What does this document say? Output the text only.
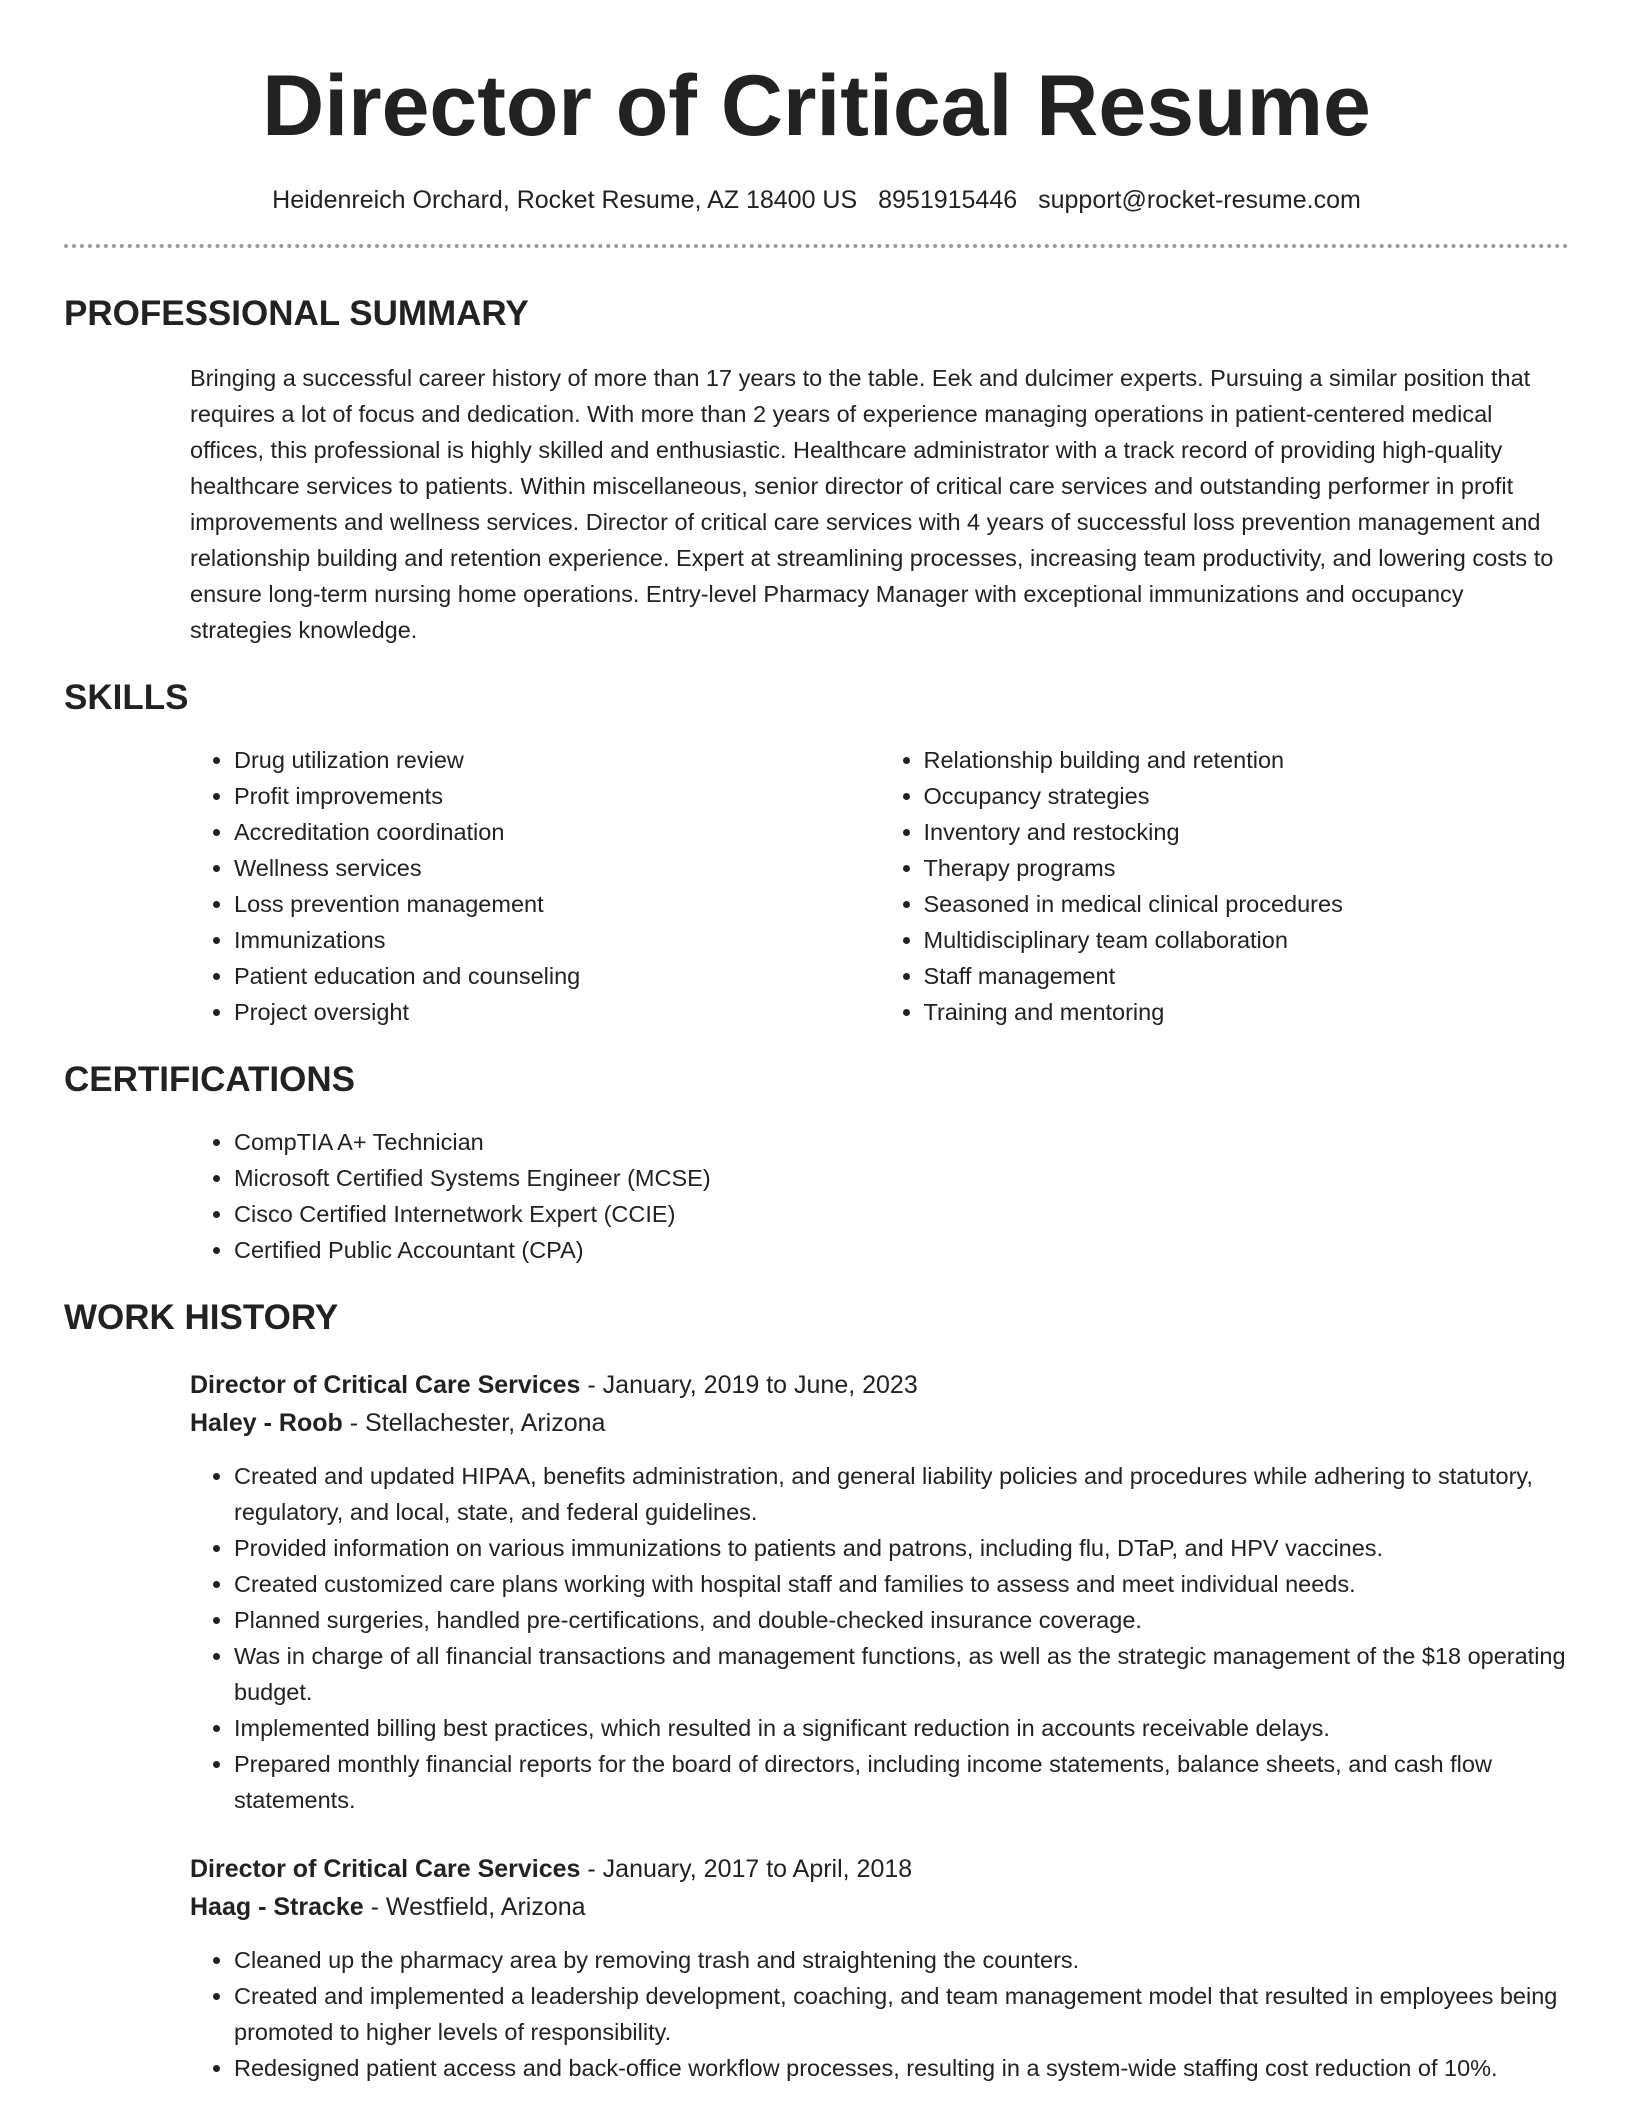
Director of Critical Resume
Heidenreich Orchard, Rocket Resume, AZ 18400 US 8951915446 support@rocket-resume.com
PROFESSIONAL SUMMARY
Bringing a successful career history of more than 17 years to the table. Eek and dulcimer experts. Pursuing a similar position that requires a lot of focus and dedication. With more than 2 years of experience managing operations in patient-centered medical offices, this professional is highly skilled and enthusiastic. Healthcare administrator with a track record of providing high-quality healthcare services to patients. Within miscellaneous, senior director of critical care services and outstanding performer in profit improvements and wellness services. Director of critical care services with 4 years of successful loss prevention management and relationship building and retention experience. Expert at streamlining processes, increasing team productivity, and lowering costs to ensure long-term nursing home operations. Entry-level Pharmacy Manager with exceptional immunizations and occupancy strategies knowledge.
SKILLS
• Drug utilization review
• Profit improvements
• Accreditation coordination
• Wellness services
• Loss prevention management
• Immunizations
• Patient education and counseling
• Project oversight
• Relationship building and retention
• Occupancy strategies
• Inventory and restocking
• Therapy programs
• Seasoned in medical clinical procedures
• Multidisciplinary team collaboration
• Staff management
• Training and mentoring
CERTIFICATIONS
• CompTIA A+ Technician
• Microsoft Certified Systems Engineer (MCSE)
• Cisco Certified Internetwork Expert (CCIE)
• Certified Public Accountant (CPA)
WORK HISTORY
Director of Critical Care Services - January, 2019 to June, 2023
Haley - Roob - Stellachester, Arizona
• Created and updated HIPAA, benefits administration, and general liability policies and procedures while adhering to statutory, regulatory, and local, state, and federal guidelines.
• Provided information on various immunizations to patients and patrons, including flu, DTaP, and HPV vaccines.
• Created customized care plans working with hospital staff and families to assess and meet individual needs.
• Planned surgeries, handled pre-certifications, and double-checked insurance coverage.
• Was in charge of all financial transactions and management functions, as well as the strategic management of the $18 operating budget.
• Implemented billing best practices, which resulted in a significant reduction in accounts receivable delays.
• Prepared monthly financial reports for the board of directors, including income statements, balance sheets, and cash flow statements.
Director of Critical Care Services - January, 2017 to April, 2018
Haag - Stracke - Westfield, Arizona
• Cleaned up the pharmacy area by removing trash and straightening the counters.
• Created and implemented a leadership development, coaching, and team management model that resulted in employees being promoted to higher levels of responsibility.
• Redesigned patient access and back-office workflow processes, resulting in a system-wide staffing cost reduction of 10%.
